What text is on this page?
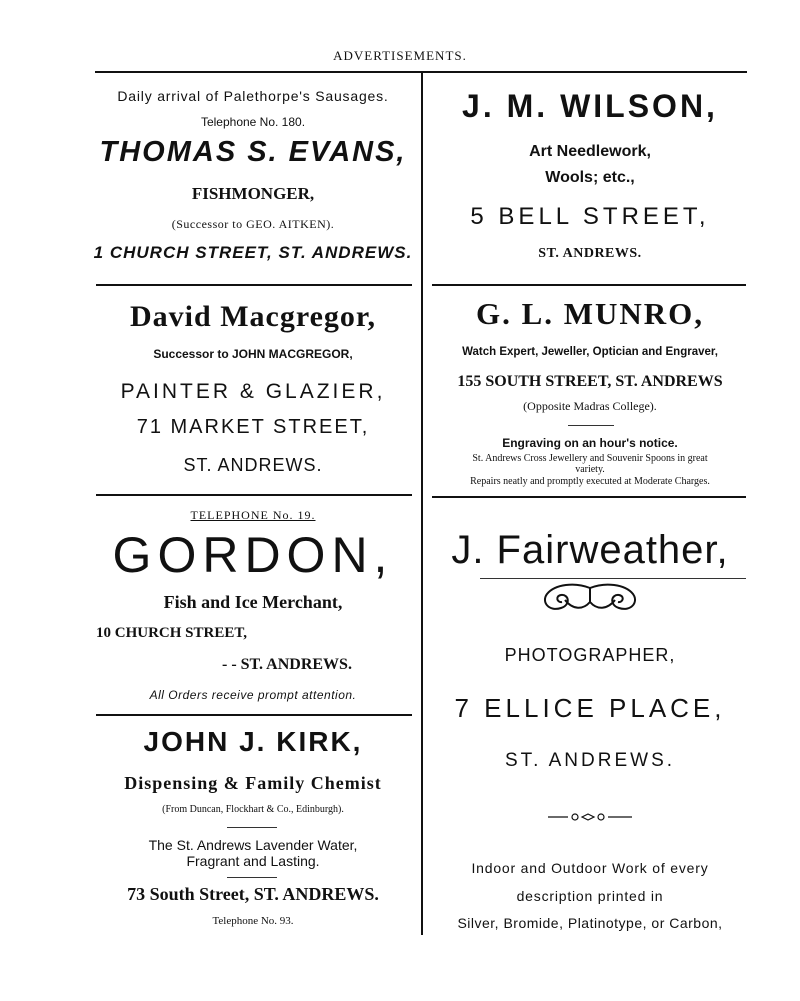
ADVERTISEMENTS.
Daily arrival of Palethorpe's Sausages.
Telephone No. 180.
THOMAS S. EVANS,
FISHMONGER,
(Successor to GEO. AITKEN).
1 CHURCH STREET, ST. ANDREWS.
David Macgregor,
Successor to JOHN MACGREGOR,
PAINTER & GLAZIER,
71 MARKET STREET,
ST. ANDREWS.
TELEPHONE No. 19.
GORDON,
Fish and Ice Merchant,
10 CHURCH STREET,
- - ST. ANDREWS.
All Orders receive prompt attention.
JOHN J. KIRK,
Dispensing & Family Chemist
(From Duncan, Flockhart & Co., Edinburgh).
The St. Andrews Lavender Water,
Fragrant and Lasting.
73 South Street, ST. ANDREWS.
Telephone No. 93.
J. M. WILSON,
Art Needlework,
Wools; etc.,
5 BELL STREET,
ST. ANDREWS.
G. L. MUNRO,
Watch Expert, Jeweller, Optician and Engraver,
155 SOUTH STREET, ST. ANDREWS
(Opposite Madras College).
Engraving on an hour's notice.
St. Andrews Cross Jewellery and Souvenir Spoons in great
variety.
Repairs neatly and promptly executed at Moderate Charges.
J. Fairweather,
PHOTOGRAPHER,
7 ELLICE PLACE,
ST. ANDREWS.
Indoor and Outdoor Work of every
description printed in
Silver, Bromide, Platinotype, or Carbon,
